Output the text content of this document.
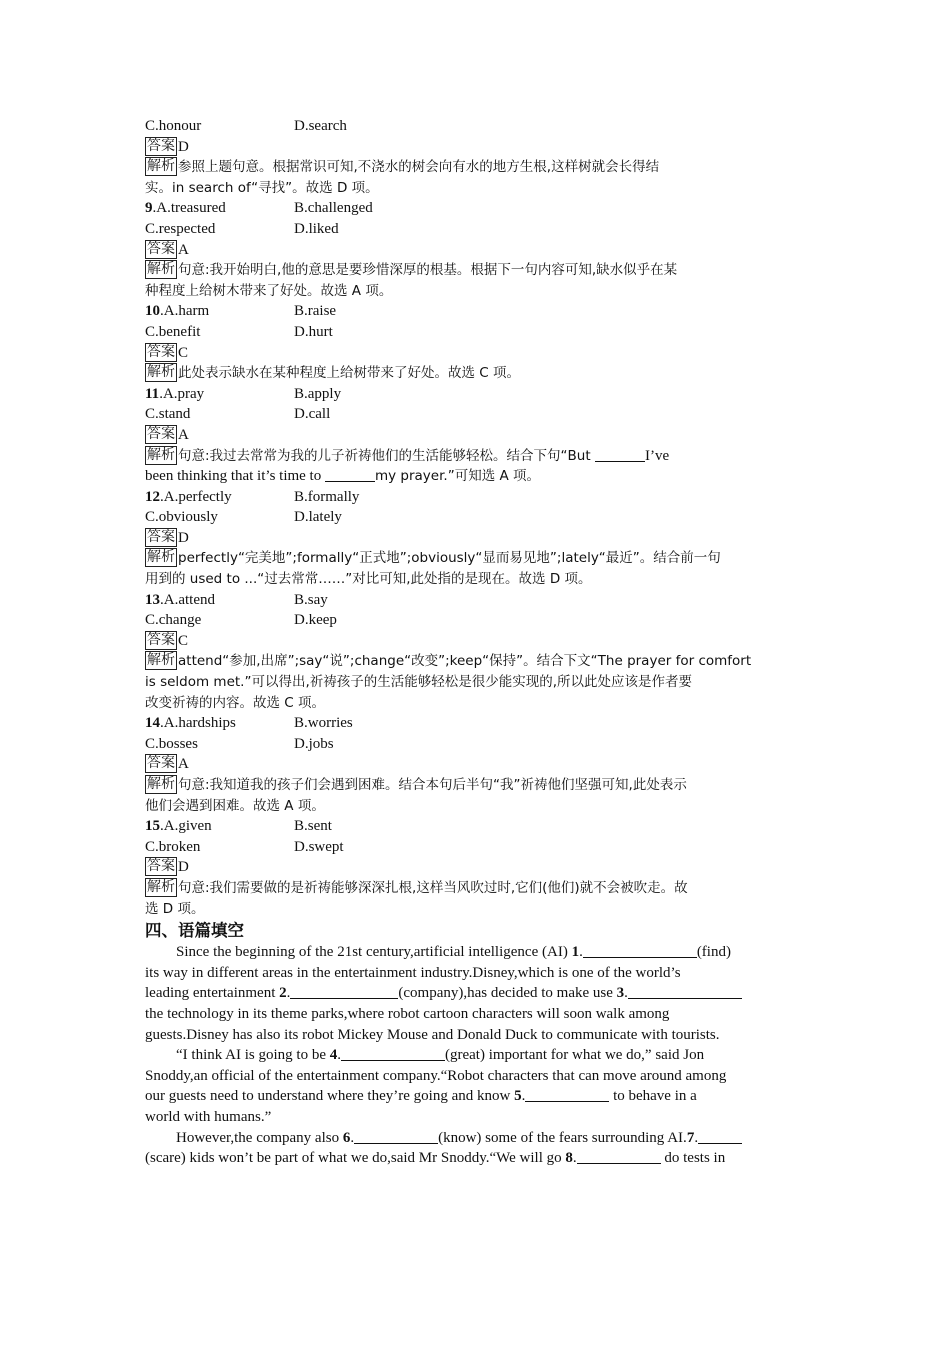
C.honour	D.search
答案 D
解析 参照上题句意。根据常识可知,不浇水的树会向有水的地方生根,这样树就会长得结
实。in search of“寻找”。故选 D 项。
9.A.treasured	B.challenged
C.respected	D.liked
答案 A
解析 句意:我开始明白,他的意思是要珍惜深厚的根基。根据下一句内容可知,缺水似乎在某
种程度上给树木带来了好处。故选 A 项。
10.A.harm	B.raise
C.benefit	D.hurt
答案 C
解析 此处表示缺水在某种程度上给树带来了好处。故选 C 项。
11.A.pray	B.apply
C.stand	D.call
答案 A
解析 句意:我过去常常为我的儿子祈祷他们的生活能够轻松。结合下句“But	I’ve
been thinking that it’s time to	my prayer.”可知选 A 项。
12.A.perfectly	B.formally
C.obviously	D.lately
答案 D
解析 perfectly“完美地”;formally“正式地”;obviously“显而易见地”;lately“最近”。结合前一句
用到的 used to ...“过去常常……”对比可知,此处指的是现在。故选 D 项。
13.A.attend	B.say
C.change	D.keep
答案 C
解析 attend“参加,出席”;say“说”;change“改变”;keep“保持”。结合下文“The prayer for comfort
is seldom met.”可以得出,祈祷孩子的生活能够轻松是很少能实现的,所以此处应该是作者要
改变祈祷的内容。故选 C 项。
14.A.hardships	B.worries
C.bosses	D.jobs
答案 A
解析 句意:我知道我的孩子们会遇到困难。结合本句后半句“我”祈祷他们坚强可知,此处表示
他们会遇到困难。故选 A 项。
15.A.given	B.sent
C.broken	D.swept
答案 D
解析 句意:我们需要做的是祈祷能够深深扎根,这样当风吹过时,它们(他们)就不会被吹走。故
选 D 项。
四、语篇填空
Since the beginning of the 21st century,artificial intelligence (AI) 1.	(find)
its way in different areas in the entertainment industry.Disney,which is one of the world’s
leading entertainment 2.	(company),has decided to make use 3.
the technology in its theme parks,where robot cartoon characters will soon walk among
guests.Disney has also its robot Mickey Mouse and Donald Duck to communicate with tourists.
“I think AI is going to be 4.	(great) important for what we do,” said Jon
Snoddy,an official of the entertainment company.“Robot characters that can move around among
our guests need to understand where they’re going and know 5.	to behave in a
world with humans.”
However,the company also 6.	(know) some of the fears surrounding AI.7.
(scare) kids won’t be part of what we do,said Mr Snoddy.“We will go 8.	do tests in
